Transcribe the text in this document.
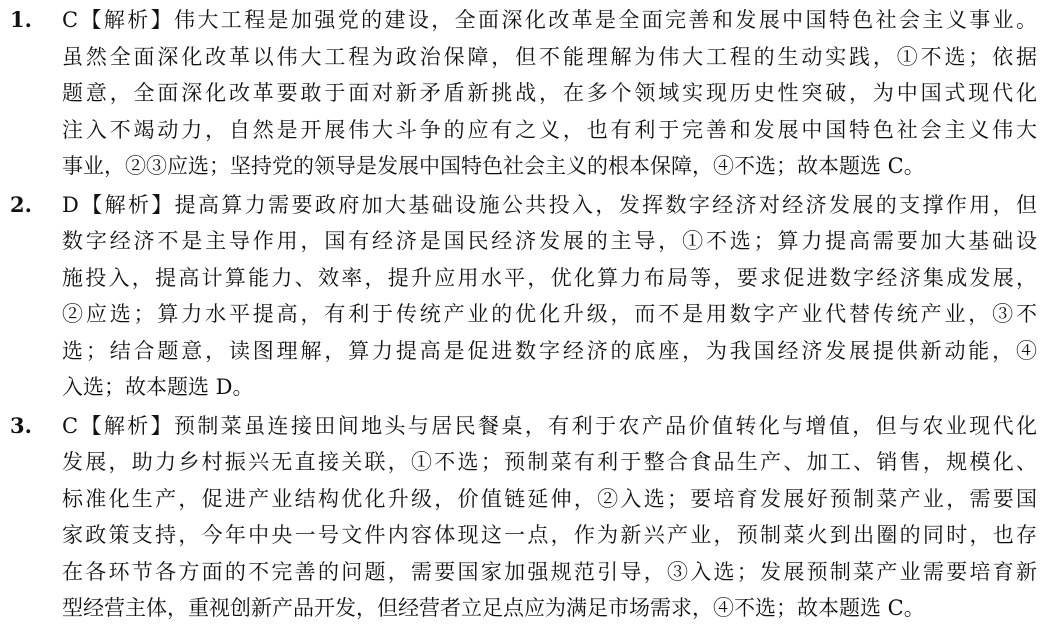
1. C【解析】伟大工程是加强党的建设，全面深化改革是全面完善和发展中国特色社会主义事业。
虽然全面深化改革以伟大工程为政治保障，但不能理解为伟大工程的生动实践，①不选；依据
题意，全面深化改革要敢于面对新矛盾新挑战，在多个领域实现历史性突破，为中国式现代化
注入不竭动力，自然是开展伟大斗争的应有之义，也有利于完善和发展中国特色社会主义伟大
事业，②③应选；坚持党的领导是发展中国特色社会主义的根本保障，④不选；故本题选 C。
2. D【解析】提高算力需要政府加大基础设施公共投入，发挥数字经济对经济发展的支撑作用，但
数字经济不是主导作用，国有经济是国民经济发展的主导，①不选；算力提高需要加大基础设
施投入，提高计算能力、效率，提升应用水平，优化算力布局等，要求促进数字经济集成发展，
②应选；算力水平提高，有利于传统产业的优化升级，而不是用数字产业代替传统产业，③不
选；结合题意，读图理解，算力提高是促进数字经济的底座，为我国经济发展提供新动能，④
入选；故本题选 D。
3. C【解析】预制菜虽连接田间地头与居民餐桌，有利于农产品价值转化与增值，但与农业现代化
发展，助力乡村振兴无直接关联，①不选；预制菜有利于整合食品生产、加工、销售，规模化、
标准化生产，促进产业结构优化升级，价值链延伸，②入选；要培育发展好预制菜产业，需要国
家政策支持，今年中央一号文件内容体现这一点，作为新兴产业，预制菜火到出圈的同时，也存
在各环节各方面的不完善的问题，需要国家加强规范引导，③入选；发展预制菜产业需要培育新
型经营主体，重视创新产品开发，但经营者立足点应为满足市场需求，④不选；故本题选 C。
